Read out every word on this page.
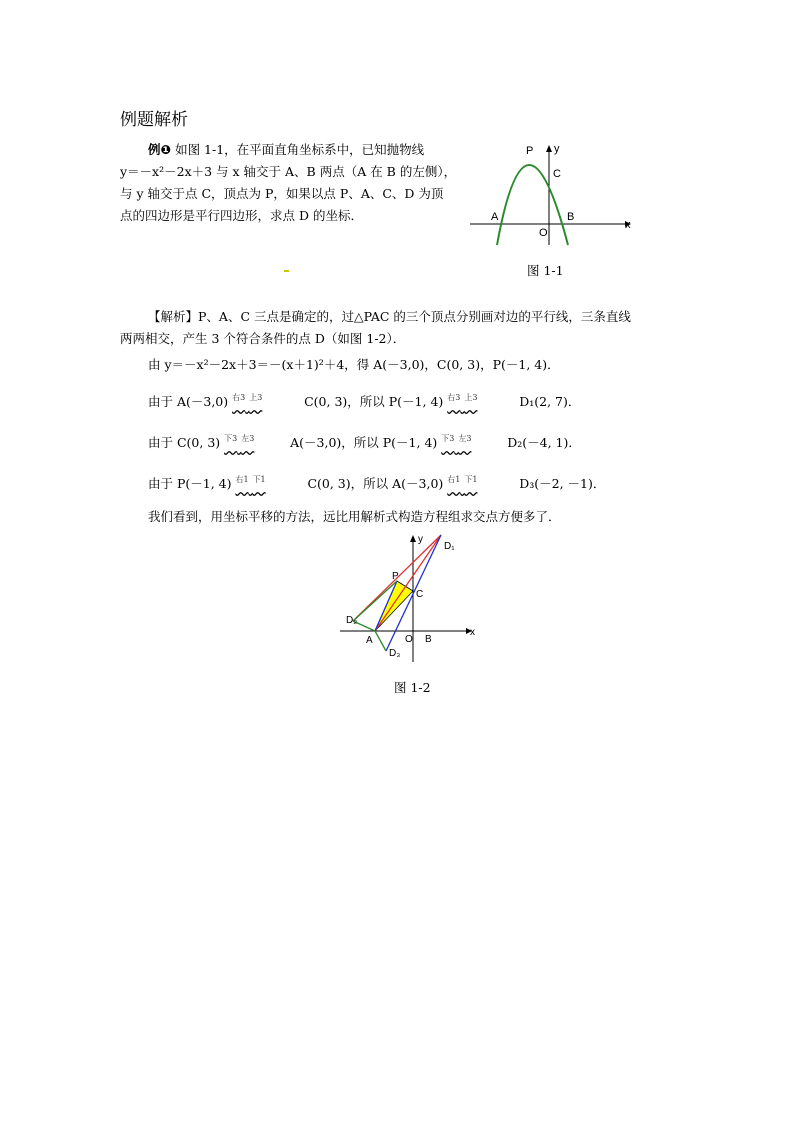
例题解析
例❶ 如图 1-1，在平面直角坐标系中，已知抛物线
y＝－x²－2x＋3 与 x 轴交于 A、B 两点（A 在 B 的左侧），
与 y 轴交于点 C，顶点为 P，如果以点 P、A、C、D 为顶
点的四边形是平行四边形，求点 D 的坐标．
P y
C
A	B
O
x
图 1-1
【解析】P、A、C 三点是确定的，过△PAC 的三个顶点分别画对边的平行线，三条直线
两两相交，产生 3 个符合条件的点 D（如图 1-2）．
由 y＝－x²－2x＋3＝－(x＋1)²＋4，得 A(－3,0)，C(0, 3)，P(－1, 4)．
由于 A(－3,0) $^{右3}$ $^{上3}$	C(0, 3)，所以 P(－1, 4) $^{右3}$ $^{上3}$	D₁(2, 7)．
由于 C(0, 3) $^{下3}$ $^{左3}$	A(－3,0)，所以 P(－1, 4) $^{下3}$ $^{左3}$	D₂(－4, 1)．
由于 P(－1, 4) $^{右1}$ $^{下1}$	C(0, 3)，所以 A(－3,0) $^{右1}$ $^{下1}$	D₃(－2, －1)．
我们看到，用坐标平移的方法，远比用解析式构造方程组求交点方便多了．
y
D₁
P
C
D₂
A	O B
x
D₃
图 1-2
